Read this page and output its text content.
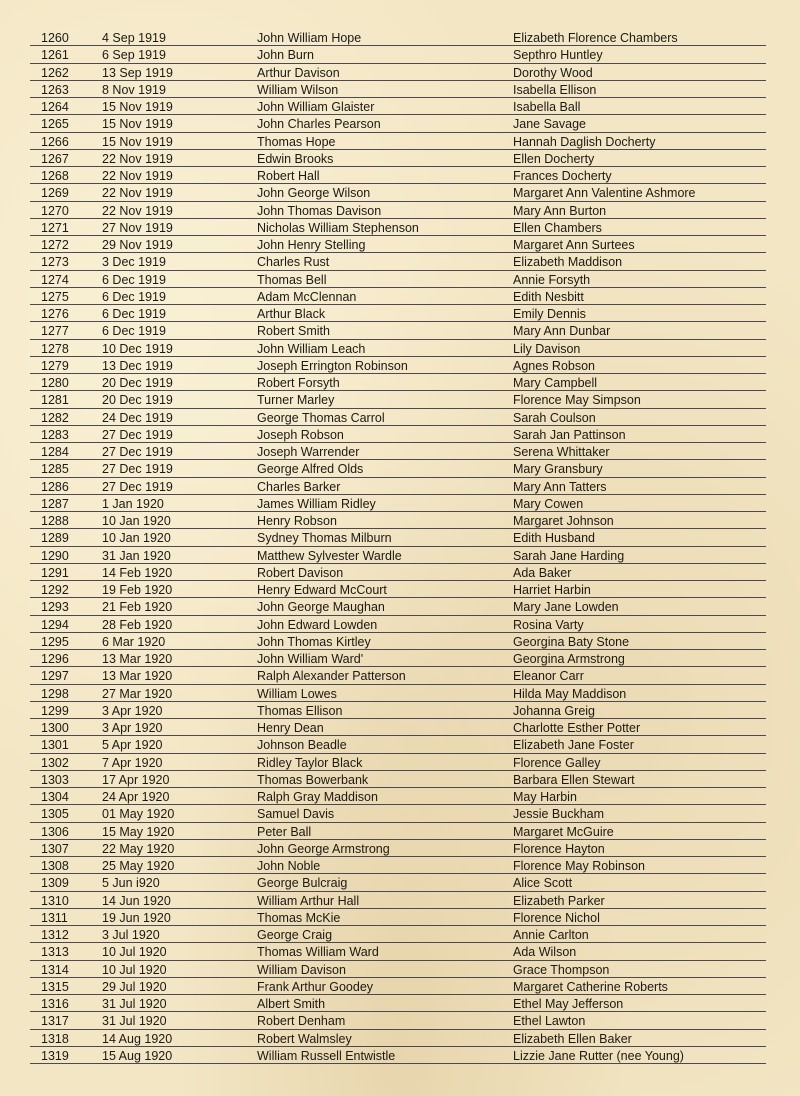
1260	4 Sep 1919	John William Hope	Elizabeth Florence Chambers
1261	6 Sep 1919	John Burn	Septhro Huntley
1262	13 Sep 1919	Arthur Davison	Dorothy Wood
1263	8 Nov 1919	William Wilson	Isabella Ellison
1264	15 Nov 1919	John William Glaister	Isabella Ball
1265	15 Nov 1919	John Charles Pearson	Jane Savage
1266	15 Nov 1919	Thomas Hope	Hannah Daglish Docherty
1267	22 Nov 1919	Edwin Brooks	Ellen Docherty
1268	22 Nov 1919	Robert Hall	Frances Docherty
1269	22 Nov 1919	John George Wilson	Margaret Ann Valentine Ashmore
1270	22 Nov 1919	John Thomas Davison	Mary Ann Burton
1271	27 Nov 1919	Nicholas William Stephenson	Ellen Chambers
1272	29 Nov 1919	John Henry Stelling	Margaret Ann Surtees
1273	3 Dec 1919	Charles Rust	Elizabeth Maddison
1274	6 Dec 1919	Thomas Bell	Annie Forsyth
1275	6 Dec 1919	Adam McClennan	Edith Nesbitt
1276	6 Dec 1919	Arthur Black	Emily Dennis
1277	6 Dec 1919	Robert Smith	Mary Ann Dunbar
1278	10 Dec 1919	John William Leach	Lily Davison
1279	13 Dec 1919	Joseph Errington Robinson	Agnes Robson
1280	20 Dec 1919	Robert Forsyth	Mary Campbell
1281	20 Dec 1919	Turner Marley	Florence May Simpson
1282	24 Dec 1919	George Thomas Carrol	Sarah Coulson
1283	27 Dec 1919	Joseph Robson	Sarah Jan Pattinson
1284	27 Dec 1919	Joseph Warrender	Serena Whittaker
1285	27 Dec 1919	George Alfred Olds	Mary Gransbury
1286	27 Dec 1919	Charles Barker	Mary Ann Tatters
1287	1 Jan 1920	James William Ridley	Mary Cowen
1288	10 Jan 1920	Henry Robson	Margaret Johnson
1289	10 Jan 1920	Sydney Thomas Milburn	Edith Husband
1290	31 Jan 1920	Matthew Sylvester Wardle	Sarah Jane Harding
1291	14 Feb 1920	Robert Davison	Ada Baker
1292	19 Feb 1920	Henry Edward McCourt	Harriet Harbin
1293	21 Feb 1920	John George Maughan	Mary Jane Lowden
1294	28 Feb 1920	John Edward Lowden	Rosina Varty
1295	6 Mar 1920	John Thomas Kirtley	Georgina Baty Stone
1296	13 Mar 1920	John William Ward'	Georgina Armstrong
1297	13 Mar 1920	Ralph Alexander Patterson	Eleanor Carr
1298	27 Mar 1920	William Lowes	Hilda May Maddison
1299	3 Apr 1920	Thomas Ellison	Johanna Greig
1300	3 Apr 1920	Henry Dean	Charlotte Esther Potter
1301	5 Apr 1920	Johnson Beadle	Elizabeth Jane Foster
1302	7 Apr 1920	Ridley Taylor Black	Florence Galley
1303	17 Apr 1920	Thomas Bowerbank	Barbara Ellen Stewart
1304	24 Apr 1920	Ralph Gray Maddison	May Harbin
1305	01 May 1920	Samuel Davis	Jessie Buckham
1306	15 May 1920	Peter Ball	Margaret McGuire
1307	22 May 1920	John George Armstrong	Florence Hayton
1308	25 May 1920	John Noble	Florence May Robinson
1309	5 Jun i920	George Bulcraig	Alice Scott
1310	14 Jun 1920	William Arthur Hall	Elizabeth Parker
1311	19 Jun 1920	Thomas McKie	Florence Nichol
1312	3 Jul 1920	George Craig	Annie Carlton
1313	10 Jul 1920	Thomas William Ward	Ada Wilson
1314	10 Jul 1920	William Davison	Grace Thompson
1315	29 Jul 1920	Frank Arthur Goodey	Margaret Catherine Roberts
1316	31 Jul 1920	Albert Smith	Ethel May Jefferson
1317	31 Jul 1920	Robert Denham	Ethel Lawton
1318	14 Aug 1920	Robert Walmsley	Elizabeth Ellen Baker
1319	15 Aug 1920	William Russell Entwistle	Lizzie Jane Rutter (nee Young)
